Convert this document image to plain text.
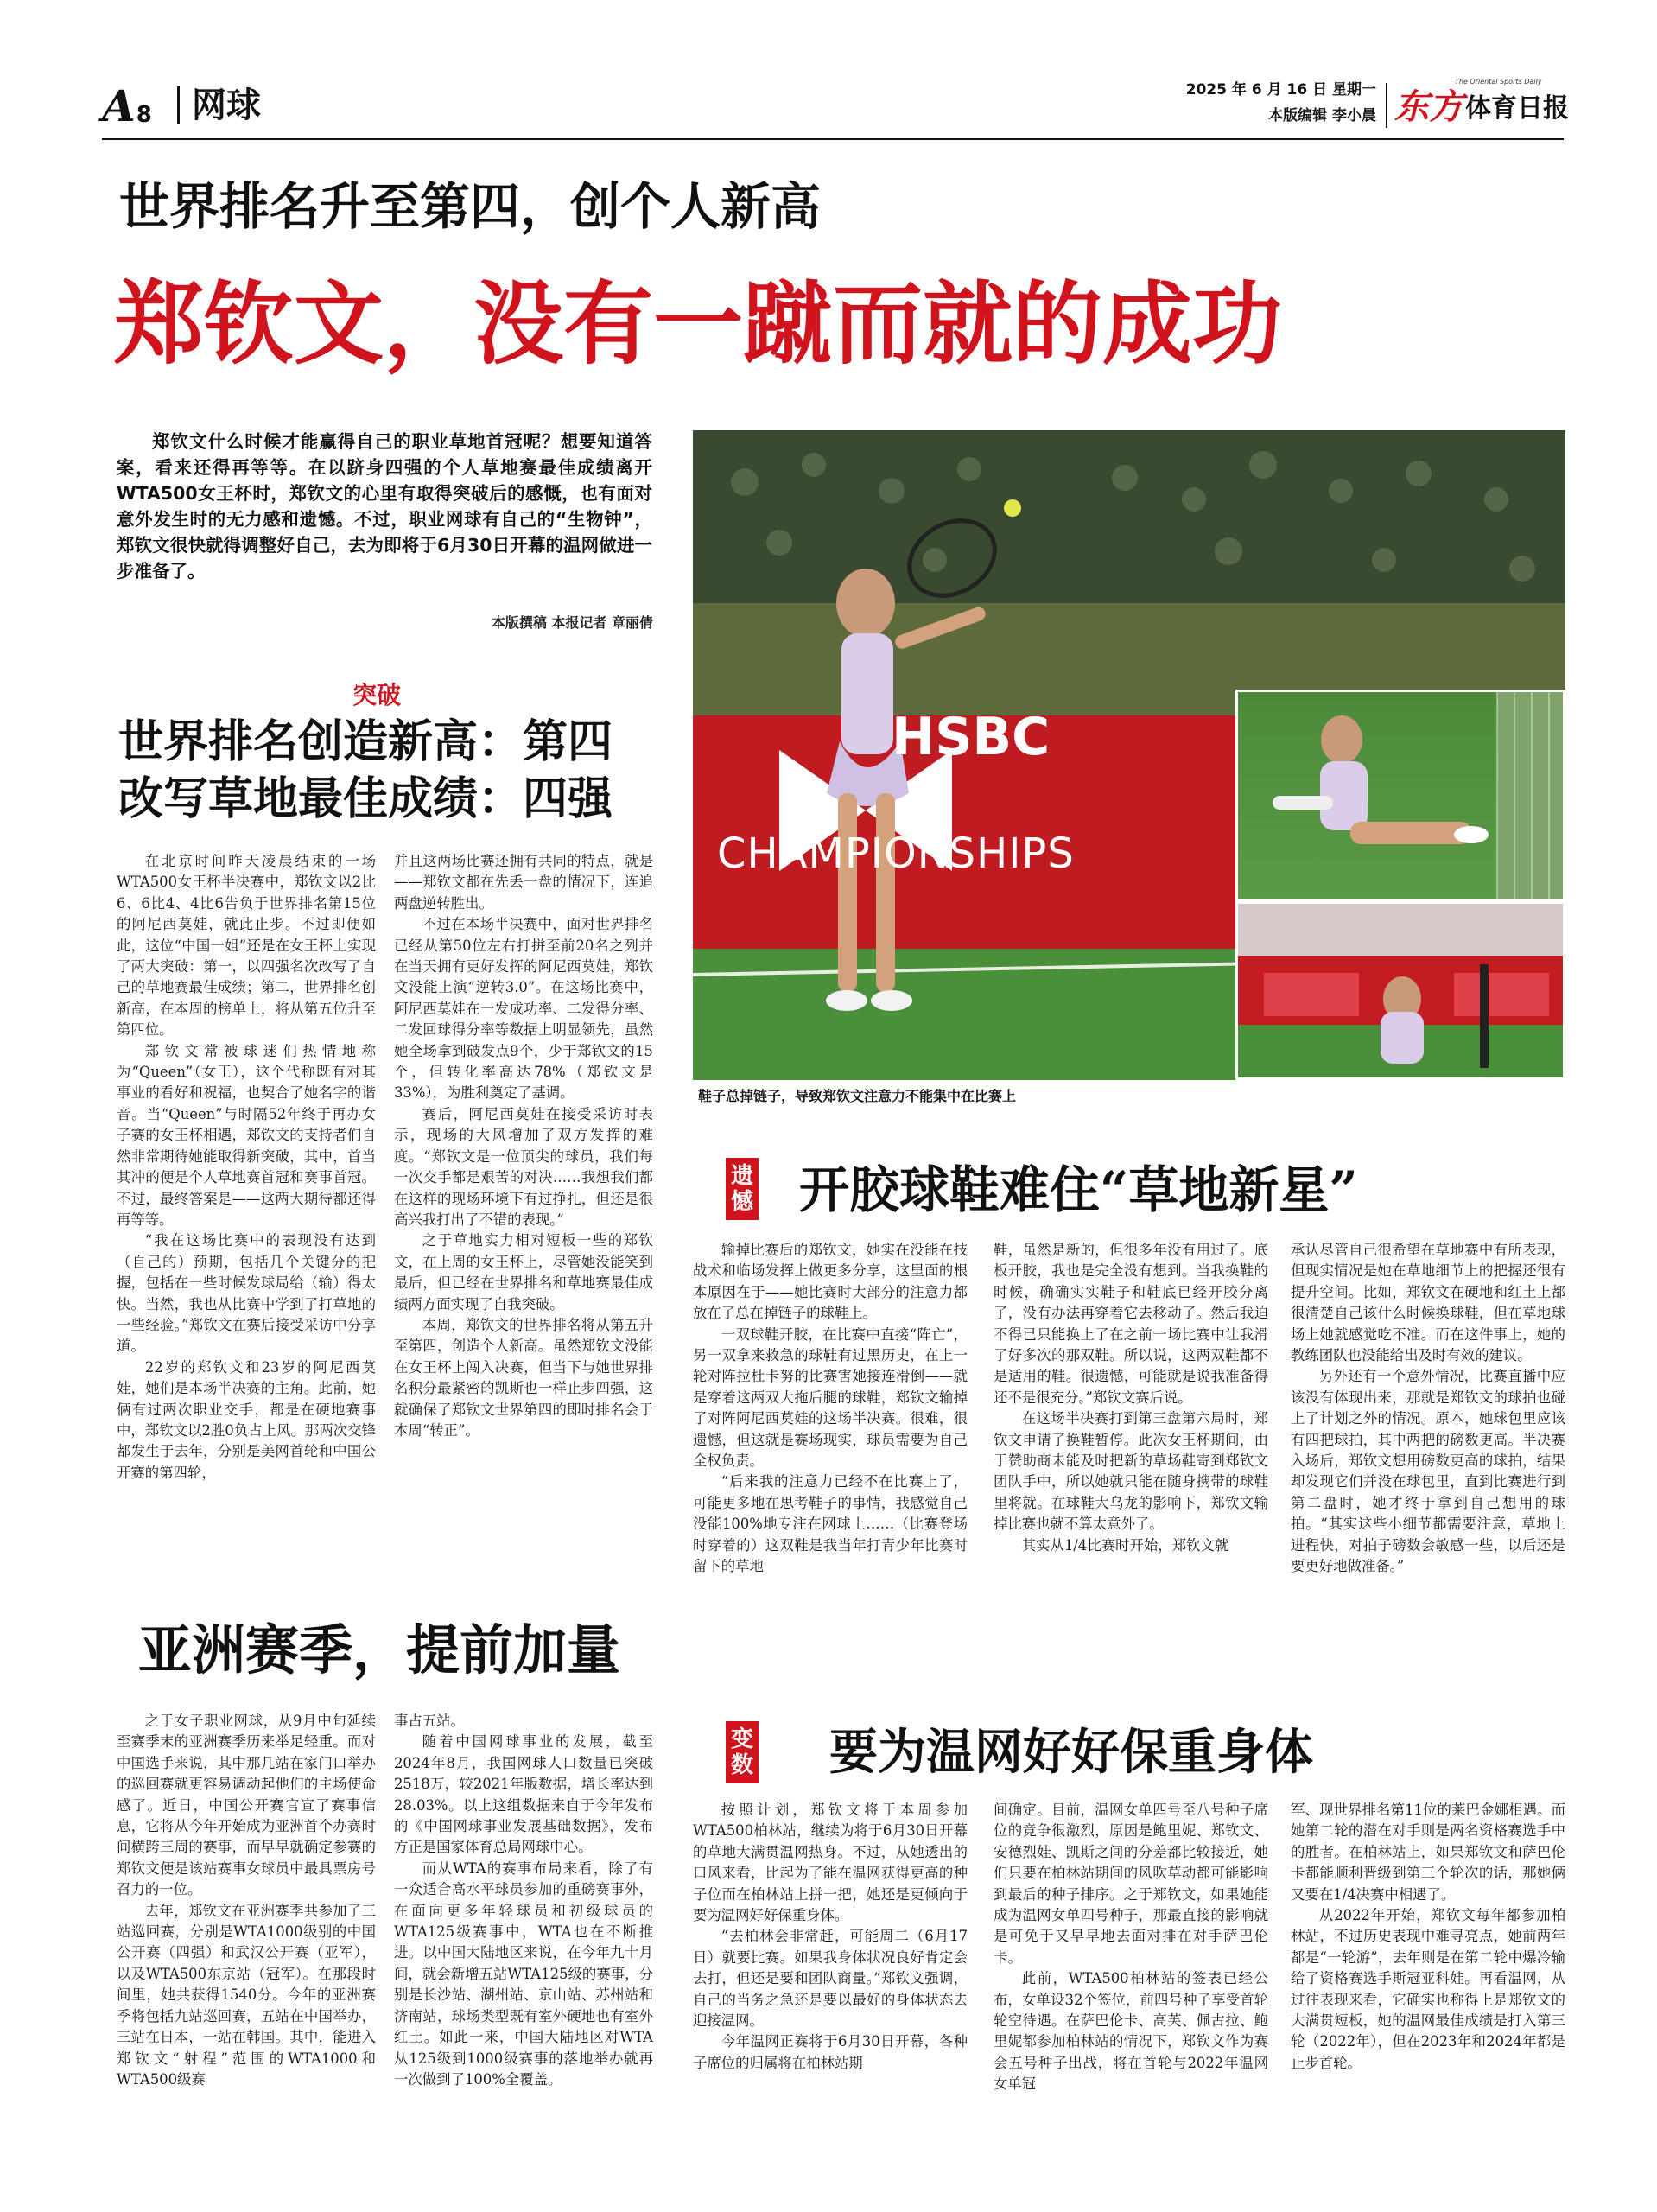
A 8 网球	2025 年 6 月 16 日 星期一
本版编辑 李小晨
The Oriental Sports Daily
东方 体育日报
世界排名升至第四，创个人新高
郑钦文，没有一蹴而就的成功
郑钦文什么时候才能赢得自己的职业草地首冠呢？想要知道答案，看来还得再等等。在以跻身四强的个人草地赛最佳成绩离开WTA500女王杯时，郑钦文的心里有取得突破后的感慨，也有面对意外发生时的无力感和遗憾。不过，职业网球有自己的“生物钟”，郑钦文很快就得调整好自己，去为即将于6月30日开幕的温网做进一步准备了。
本版撰稿 本报记者 章丽倩
HSBC
CHAMPIONSHIPS
鞋子总掉链子，导致郑钦文注意力不能集中在比赛上
突破
世界排名创造新高：第四
改写草地最佳成绩：四强

在北京时间昨天凌晨结束的一场WTA500女王杯半决赛中，郑钦文以2比6、6比4、4比6告负于世界排名第15位的阿尼西莫娃，就此止步。不过即便如此，这位“中国一姐”还是在女王杯上实现了两大突破：第一，以四强名次改写了自己的草地赛最佳成绩；第二，世界排名创新高，在本周的榜单上，将从第五位升至第四位。

郑钦文常被球迷们热情地称为“Queen”（女王），这个代称既有对其事业的看好和祝福，也契合了她名字的谐音。当“Queen”与时隔52年终于再办女子赛的女王杯相遇，郑钦文的支持者们自然非常期待她能取得新突破，其中，首当其冲的便是个人草地赛首冠和赛事首冠。不过，最终答案是——这两大期待都还得再等等。

“我在这场比赛中的表现没有达到（自己的）预期，包括几个关键分的把握，包括在一些时候发球局给（输）得太快。当然，我也从比赛中学到了打草地的一些经验。”郑钦文在赛后接受采访中分享道。

22岁的郑钦文和23岁的阿尼西莫娃，她们是本场半决赛的主角。此前，她俩有过两次职业交手，都是在硬地赛事中，郑钦文以2胜0负占上风。那两次交锋都发生于去年，分别是美网首轮和中国公开赛的第四轮，

并且这两场比赛还拥有共同的特点，就是——郑钦文都在先丢一盘的情况下，连追两盘逆转胜出。

不过在本场半决赛中，面对世界排名已经从第50位左右打拼至前20名之列并在当天拥有更好发挥的阿尼西莫娃，郑钦文没能上演“逆转3.0”。在这场比赛中，阿尼西莫娃在一发成功率、二发得分率、二发回球得分率等数据上明显领先，虽然她全场拿到破发点9个，少于郑钦文的15个，但转化率高达78%（郑钦文是33%），为胜利奠定了基调。

赛后，阿尼西莫娃在接受采访时表示，现场的大风增加了双方发挥的难度。“郑钦文是一位顶尖的球员，我们每一次交手都是艰苦的对决……我想我们都在这样的现场环境下有过挣扎，但还是很高兴我打出了不错的表现。”

之于草地实力相对短板一些的郑钦文，在上周的女王杯上，尽管她没能笑到最后，但已经在世界排名和草地赛最佳成绩两方面实现了自我突破。

本周，郑钦文的世界排名将从第五升至第四，创造个人新高。虽然郑钦文没能在女王杯上闯入决赛，但当下与她世界排名积分最紧密的凯斯也一样止步四强，这就确保了郑钦文世界第四的即时排名会于本周“转正”。

遗
憾 开胶球鞋难住“草地新星”

输掉比赛后的郑钦文，她实在没能在技战术和临场发挥上做更多分享，这里面的根本原因在于——她比赛时大部分的注意力都放在了总在掉链子的球鞋上。

一双球鞋开胶，在比赛中直接“阵亡”，另一双拿来救急的球鞋有过黑历史，在上一轮对阵拉杜卡努的比赛害她接连滑倒——就是穿着这两双大拖后腿的球鞋，郑钦文输掉了对阵阿尼西莫娃的这场半决赛。很难，很遗憾，但这就是赛场现实，球员需要为自己全权负责。

“后来我的注意力已经不在比赛上了，可能更多地在思考鞋子的事情，我感觉自己没能100%地专注在网球上……（比赛登场时穿着的）这双鞋是我当年打青少年比赛时留下的草地

鞋，虽然是新的，但很多年没有用过了。底板开胶，我也是完全没有想到。当我换鞋的时候，确确实实鞋子和鞋底已经开胶分离了，没有办法再穿着它去移动了。然后我迫不得已只能换上了在之前一场比赛中让我滑了好多次的那双鞋。所以说，这两双鞋都不是适用的鞋。很遗憾，可能就是说我准备得还不是很充分。”郑钦文赛后说。

在这场半决赛打到第三盘第六局时，郑钦文申请了换鞋暂停。此次女王杯期间，由于赞助商未能及时把新的草场鞋寄到郑钦文团队手中，所以她就只能在随身携带的球鞋里将就。在球鞋大乌龙的影响下，郑钦文输掉比赛也就不算太意外了。

其实从1/4比赛时开始，郑钦文就

承认尽管自己很希望在草地赛中有所表现，但现实情况是她在草地细节上的把握还很有提升空间。比如，郑钦文在硬地和红土上都很清楚自己该什么时候换球鞋，但在草地球场上她就感觉吃不准。而在这件事上，她的教练团队也没能给出及时有效的建议。

另外还有一个意外情况，比赛直播中应该没有体现出来，那就是郑钦文的球拍也碰上了计划之外的情况。原本，她球包里应该有四把球拍，其中两把的磅数更高。半决赛入场后，郑钦文想用磅数更高的球拍，结果却发现它们并没在球包里，直到比赛进行到第二盘时，她才终于拿到自己想用的球拍。“其实这些小细节都需要注意，草地上进程快，对拍子磅数会敏感一些，以后还是要更好地做准备。”

亚洲赛季，提前加量

之于女子职业网球，从9月中旬延续至赛季末的亚洲赛季历来举足轻重。而对中国选手来说，其中那几站在家门口举办的巡回赛就更容易调动起他们的主场使命感了。近日，中国公开赛官宣了赛事信息，它将从今年开始成为亚洲首个办赛时间横跨三周的赛事，而早早就确定参赛的郑钦文便是该站赛事女球员中最具票房号召力的一位。

去年，郑钦文在亚洲赛季共参加了三站巡回赛，分别是WTA1000级别的中国公开赛（四强）和武汉公开赛（亚军），以及WTA500东京站（冠军）。在那段时间里，她共获得1540分。今年的亚洲赛季将包括九站巡回赛，五站在中国举办，三站在日本，一站在韩国。其中，能进入郑钦文“射程”范围的WTA1000和WTA500级赛

事占五站。

随着中国网球事业的发展，截至2024年8月，我国网球人口数量已突破2518万，较2021年版数据，增长率达到28.03%。以上这组数据来自于今年发布的《中国网球事业发展基础数据》，发布方正是国家体育总局网球中心。

而从WTA的赛事布局来看，除了有一众适合高水平球员参加的重磅赛事外，在面向更多年轻球员和初级球员的WTA125级赛事中，WTA也在不断推进。以中国大陆地区来说，在今年九十月间，就会新增五站WTA125级的赛事，分别是长沙站、湖州站、京山站、苏州站和济南站，球场类型既有室外硬地也有室外红土。如此一来，中国大陆地区对WTA从125级到1000级赛事的落地举办就再一次做到了100%全覆盖。

变
数 要为温网好好保重身体

按照计划，郑钦文将于本周参加WTA500柏林站，继续为将于6月30日开幕的草地大满贯温网热身。不过，从她透出的口风来看，比起为了能在温网获得更高的种子位而在柏林站上拼一把，她还是更倾向于要为温网好好保重身体。

“去柏林会非常赶，可能周二（6月17日）就要比赛。如果我身体状况良好肯定会去打，但还是要和团队商量。”郑钦文强调，自己的当务之急还是要以最好的身体状态去迎接温网。

今年温网正赛将于6月30日开幕，各种子席位的归属将在柏林站期

间确定。目前，温网女单四号至八号种子席位的竞争很激烈，原因是鲍里妮、郑钦文、安德烈娃、凯斯之间的分差都比较接近，她们只要在柏林站期间的风吹草动都可能影响到最后的种子排序。之于郑钦文，如果她能成为温网女单四号种子，那最直接的影响就是可免于又早早地去面对排在对手萨巴伦卡。

此前，WTA500柏林站的签表已经公布，女单设32个签位，前四号种子享受首轮轮空待遇。在萨巴伦卡、高芙、佩古拉、鲍里妮都参加柏林站的情况下，郑钦文作为赛会五号种子出战，将在首轮与2022年温网女单冠

军、现世界排名第11位的莱巴金娜相遇。而她第二轮的潜在对手则是两名资格赛选手中的胜者。在柏林站上，如果郑钦文和萨巴伦卡都能顺利晋级到第三个轮次的话，那她俩又要在1/4决赛中相遇了。

从2022年开始，郑钦文每年都参加柏林站，不过历史表现中难寻亮点，她前两年都是“一轮游”，去年则是在第二轮中爆冷输给了资格赛选手斯冠亚科娃。再看温网，从过往表现来看，它确实也称得上是郑钦文的大满贯短板，她的温网最佳成绩是打入第三轮（2022年），但在2023年和2024年都是止步首轮。
